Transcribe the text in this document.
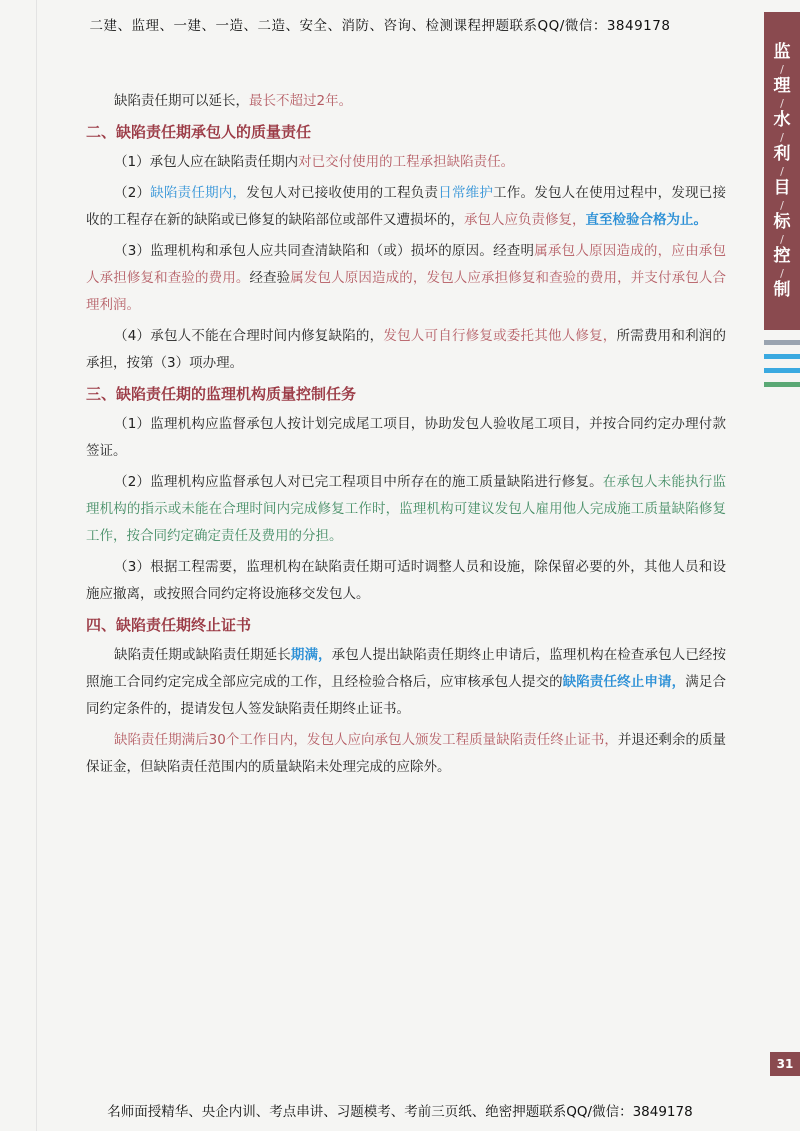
二建、监理、一建、一造、二造、安全、消防、咨询、检测课程押题联系QQ/微信：3849178
监
/
理
/
水
/
利
/
目
/
标
/
控
/
制

缺陷责任期可以延长，最长不超过2年。

二、缺陷责任期承包人的质量责任

（1）承包人应在缺陷责任期内对已交付使用的工程承担缺陷责任。

（2）缺陷责任期内，发包人对已接收使用的工程负责日常维护工作。发包人在使用过程中，发现已接收的工程存在新的缺陷或已修复的缺陷部位或部件又遭损坏的，承包人应负责修复，直至检验合格为止。

（3）监理机构和承包人应共同查清缺陷和（或）损坏的原因。经查明属承包人原因造成的，应由承包人承担修复和查验的费用。经查验属发包人原因造成的，发包人应承担修复和查验的费用，并支付承包人合理利润。

（4）承包人不能在合理时间内修复缺陷的，发包人可自行修复或委托其他人修复，所需费用和利润的承担，按第（3）项办理。

三、缺陷责任期的监理机构质量控制任务

（1）监理机构应监督承包人按计划完成尾工项目，协助发包人验收尾工项目，并按合同约定办理付款签证。

（2）监理机构应监督承包人对已完工程项目中所存在的施工质量缺陷进行修复。在承包人未能执行监理机构的指示或未能在合理时间内完成修复工作时，监理机构可建议发包人雇用他人完成施工质量缺陷修复工作，按合同约定确定责任及费用的分担。

（3）根据工程需要，监理机构在缺陷责任期可适时调整人员和设施，除保留必要的外，其他人员和设施应撤离，或按照合同约定将设施移交发包人。

四、缺陷责任期终止证书

缺陷责任期或缺陷责任期延长期满，承包人提出缺陷责任期终止申请后，监理机构在检查承包人已经按照施工合同约定完成全部应完成的工作，且经检验合格后，应审核承包人提交的缺陷责任终止申请，满足合同约定条件的，提请发包人签发缺陷责任期终止证书。

缺陷责任期满后30个工作日内，发包人应向承包人颁发工程质量缺陷责任终止证书，并退还剩余的质量保证金，但缺陷责任范围内的质量缺陷未处理完成的应除外。

31
名师面授精华、央企内训、考点串讲、习题模考、考前三页纸、绝密押题联系QQ/微信：3849178
